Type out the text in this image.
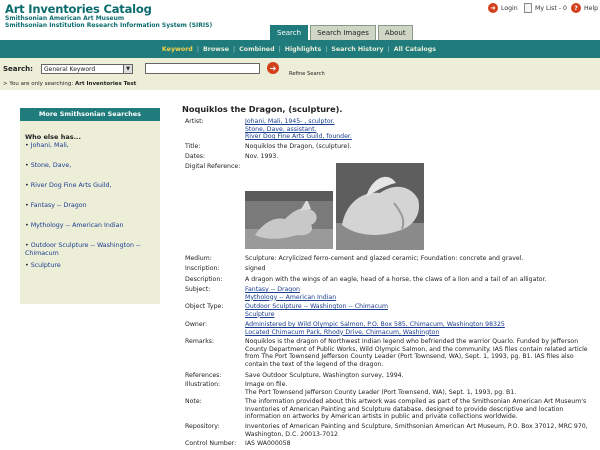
Art Inventories Catalog
Smithsonian American Art Museum
Smithsonian Institution Research Information System (SIRIS)
➜ Login	My List - 0	? Help
Search	Search Images	About
Keyword | Browse | Combined | Highlights | Search History | All Catalogs
Search:	General Keyword	▼	➜
Refine Search
> You are only searching: Art Inventories Test
More Smithsonian Searches
Who else has...
• Johani, Mali,
• Stone, Dave,
• River Dog Fine Arts Guild,
• Fantasy -- Dragon
• Mythology -- American Indian
• Outdoor Sculpture -- Washington -- Chimacum
• Sculpture
Noquiklos the Dragon, (sculpture).
Artist:	Johani, Mali, 1945- , sculptor.
Stone, Dave, assistant.
River Dog Fine Arts Guild, founder.
Title:	Noquiklos the Dragon, (sculpture).
Dates:	Nov. 1993.
Digital Reference:
Medium:	Sculpture: Acrylicized ferro-cement and glazed ceramic; Foundation: concrete and gravel.
Inscription:	signed
Description:	A dragon with the wings of an eagle, head of a horse, the claws of a lion and a tail of an alligator.
Subject:	Fantasy -- Dragon
Mythology -- American Indian
Object Type:	Outdoor Sculpture -- Washington -- Chimacum
Sculpture
Owner:	Administered by Wild Olympic Salmon, P.O. Box 585, Chimacum, Washington 98325
Located Chimacum Park, Rhody Drive, Chimacum, Washington
Remarks:	Noquiklos is the dragon of Northwest Indian legend who befriended the warrior Quarlo. Funded by Jefferson County Department of Public Works, Wild Olympic Salmon, and the community. IAS files contain related article from The Port Townsend Jefferson County Leader (Port Townsend, WA), Sept. 1, 1993, pg. B1. IAS files also contain the text of the legend of the dragon.
References:	Save Outdoor Sculpture, Washington survey, 1994.
Illustration:	Image on file.
The Port Townsend Jefferson County Leader (Port Townsend, WA), Sept. 1, 1993, pg. B1.
Note:	The information provided about this artwork was compiled as part of the Smithsonian American Art Museum's Inventories of American Painting and Sculpture database, designed to provide descriptive and location information on artworks by American artists in public and private collections worldwide.
Repository:	Inventories of American Painting and Sculpture, Smithsonian American Art Museum, P.O. Box 37012, MRC 970, Washington, D.C. 20013-7012
Control Number:	IAS WA000058
